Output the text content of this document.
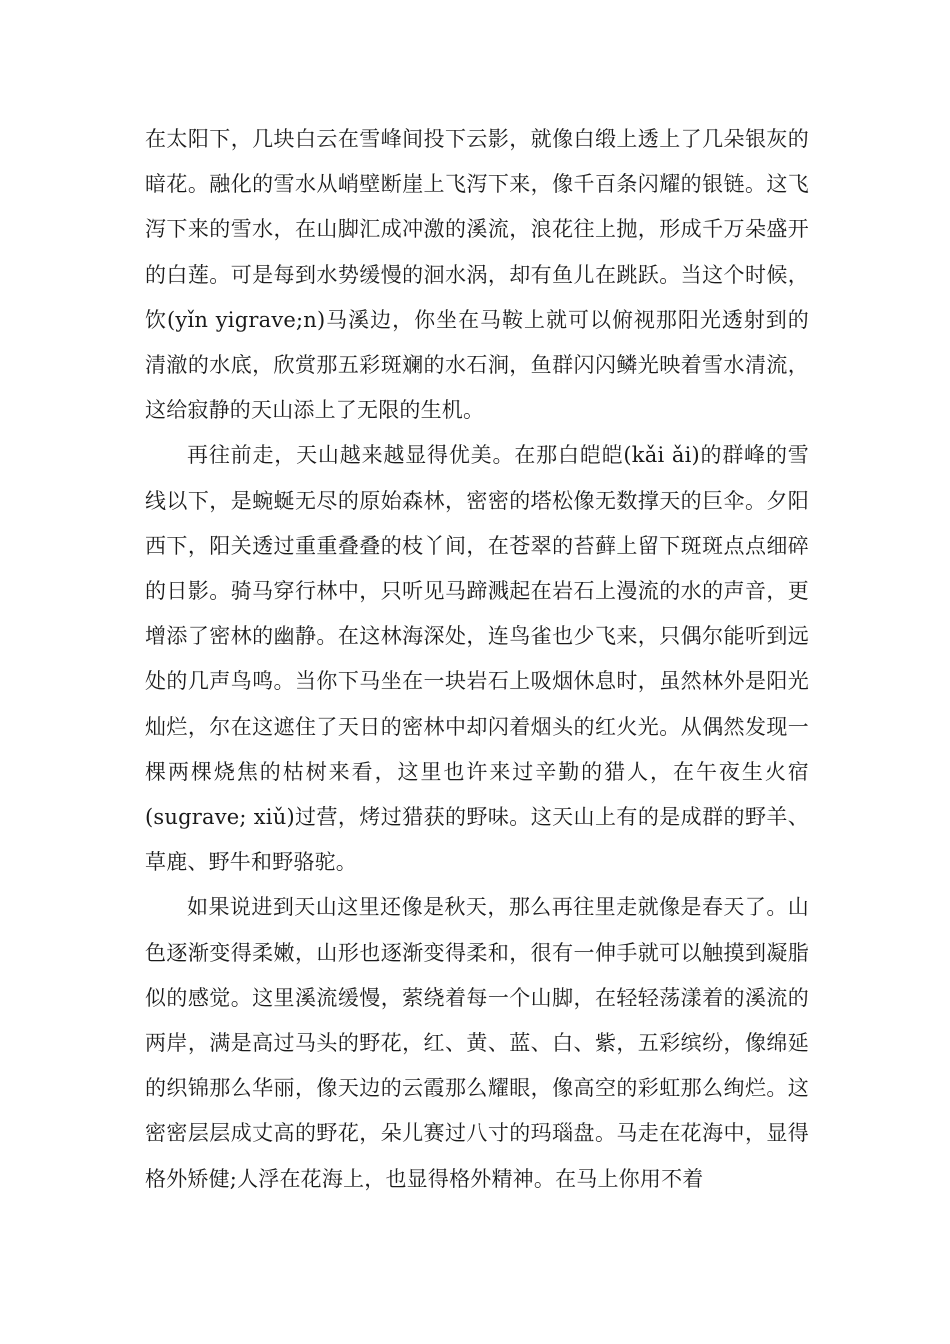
在太阳下，几块白云在雪峰间投下云影，就像白缎上透上了几朵银灰的暗花。融化的雪水从峭壁断崖上飞泻下来，像千百条闪耀的银链。这飞泻下来的雪水，在山脚汇成冲激的溪流，浪花往上抛，形成千万朵盛开的白莲。可是每到水势缓慢的洄水涡，却有鱼儿在跳跃。当这个时候，饮(yǐn yigrave;n)马溪边，你坐在马鞍上就可以俯视那阳光透射到的清澈的水底，欣赏那五彩斑斓的水石涧，鱼群闪闪鳞光映着雪水清流，这给寂静的天山添上了无限的生机。

再往前走，天山越来越显得优美。在那白皑皑(kǎi ǎi)的群峰的雪线以下，是蜿蜒无尽的原始森林，密密的塔松像无数撑天的巨伞。夕阳西下，阳关透过重重叠叠的枝丫间，在苍翠的苔藓上留下斑斑点点细碎的日影。骑马穿行林中，只听见马蹄溅起在岩石上漫流的水的声音，更增添了密林的幽静。在这林海深处，连鸟雀也少飞来，只偶尔能听到远处的几声鸟鸣。当你下马坐在一块岩石上吸烟休息时，虽然林外是阳光灿烂，尔在这遮住了天日的密林中却闪着烟头的红火光。从偶然发现一棵两棵烧焦的枯树来看，这里也许来过辛勤的猎人，在午夜生火宿(sugrave; xiǔ)过营，烤过猎获的野味。这天山上有的是成群的野羊、草鹿、野牛和野骆驼。

如果说进到天山这里还像是秋天，那么再往里走就像是春天了。山色逐渐变得柔嫩，山形也逐渐变得柔和，很有一伸手就可以触摸到凝脂似的感觉。这里溪流缓慢，萦绕着每一个山脚，在轻轻荡漾着的溪流的两岸，满是高过马头的野花，红、黄、蓝、白、紫，五彩缤纷，像绵延的织锦那么华丽，像天边的云霞那么耀眼，像高空的彩虹那么绚烂。这密密层层成丈高的野花，朵儿赛过八寸的玛瑙盘。马走在花海中，显得格外矫健;人浮在花海上，也显得格外精神。在马上你用不着
